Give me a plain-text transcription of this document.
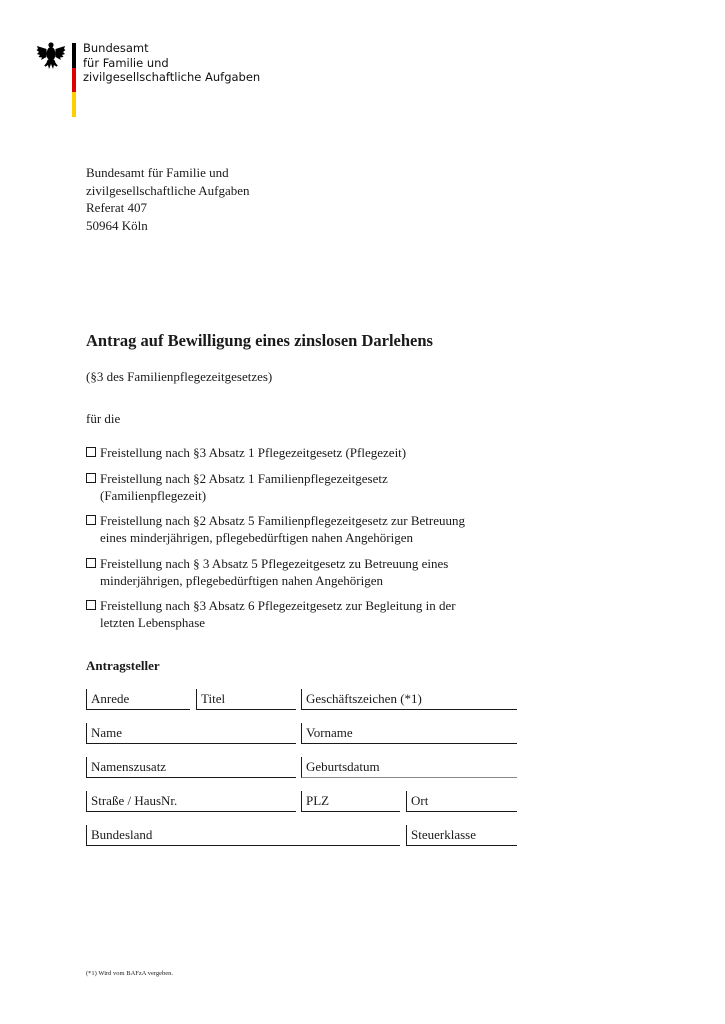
Bundesamt
für Familie und
zivilgesellschaftliche Aufgaben
Bundesamt für Familie und
zivilgesellschaftliche Aufgaben
Referat 407
50964 Köln
Antrag auf Bewilligung eines zinslosen Darlehens
(§3 des Familienpflegezeitgesetzes)
für die
Freistellung nach §3 Absatz 1 Pflegezeitgesetz (Pflegezeit)
Freistellung nach §2 Absatz 1 Familienpflegezeitgesetz
(Familienpflegezeit)
Freistellung nach §2 Absatz 5 Familienpflegezeitgesetz zur Betreuung
eines minderjährigen, pflegebedürftigen nahen Angehörigen
Freistellung nach § 3 Absatz 5 Pflegezeitgesetz zu Betreuung eines
minderjährigen, pflegebedürftigen nahen Angehörigen
Freistellung nach §3 Absatz 6 Pflegezeitgesetz zur Begleitung in der
letzten Lebensphase
Antragsteller
Anrede	Titel	Geschäftszeichen (*1)
Name	Vorname
Namenszusatz	Geburtsdatum
Straße / HausNr.	PLZ	Ort
Bundesland	Steuerklasse
(*1) Wird vom BAFzA vergeben.
